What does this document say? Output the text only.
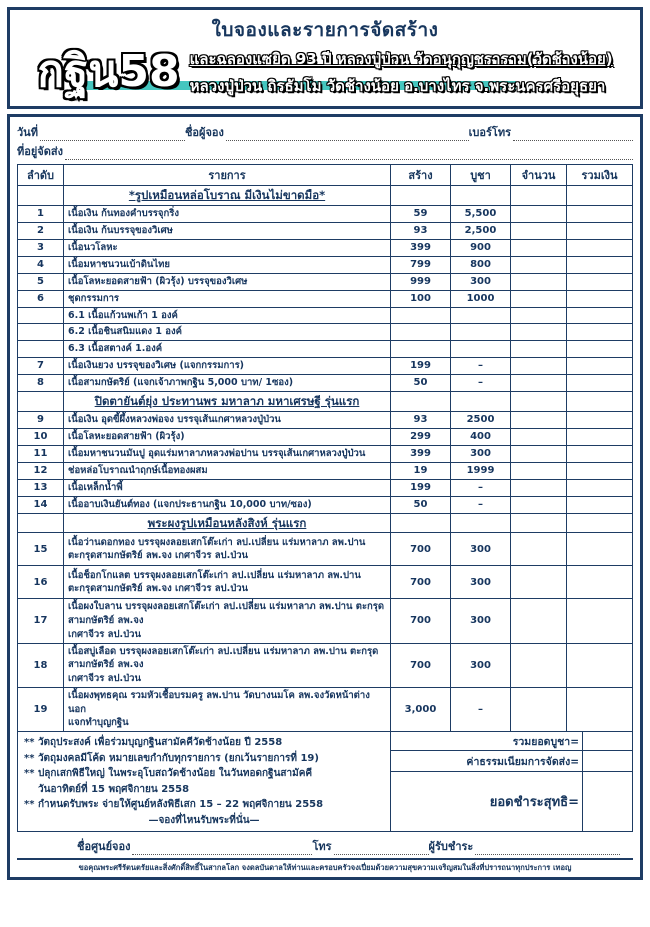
ใบจองและรายการจัดสร้าง
กฐิน58 และฉลองแซยิด 93 ปี หลวงปู่ป่วน วัดอนุกุญชราราม(วัดช้างน้อย)
หลวงปู่ป่วน ถิรธัมโม วัดช้างน้อย อ.บางไทร จ.พระนครศรีอยุธยา
วันที่	ชื่อผู้จอง	เบอร์โทร
ที่อยู่จัดส่ง
ลำดับ	รายการ	สร้าง	บูชา	จำนวน	รวมเงิน

	*รูปเหมือนหล่อโบราณ มีเงินไม่ขาดมือ*				

1	เนื้อเงิน ก้นทองคำบรรจุกริ่ง	59	5,500		
2	เนื้อเงิน ก้นบรรจุของวิเศษ	93	2,500		
3	เนื้อนวโลหะ	399	900		
4	เนื้อมหาชนวนเบ้าดินไทย	799	800		
5	เนื้อโลหะยอดสายฟ้า (ผิวรุ้ง) บรรจุของวิเศษ	999	300		
6	ชุดกรรมการ	100	1000		

	6.1 เนื้อแก้วนพเก้า 1 องค์				

	6.2 เนื้อชินสนิมแดง 1 องค์				

	6.3 เนื้อสตางค์ 1.องค์				

7	เนื้อเงินยวง บรรจุของวิเศษ (แจกกรรมการ)	199	–		
8	เนื้อสามกษัตริย์ (แจกเจ้าภาพกฐิน 5,000 บาท/ 1ซอง)	50	–		

	ปิดตายันต์ยุ่ง ประทานพร มหาลาภ มหาเศรษฐี รุ่นแรก				

9	เนื้อเงิน อุดขี้ผึ้งหลวงพ่อจง บรรจุเส้นเกศาหลวงปู่ป่วน	93	2500		
10	เนื้อโลหะยอดสายฟ้า (ผิวรุ้ง)	299	400		
11	เนื้อมหาชนวนมันปู อุดแร่มหาลาภหลวงพ่อปาน บรรจุเส้นเกศาหลวงปู่ป่วน	399	300		
12	ช่อหล่อโบราณนำฤกษ์เนื้อทองผสม	19	1999		
13	เนื้อเหล็กน้ำพี้	199	–		
14	เนื้ออาบเงินยันต์ทอง (แจกประธานกฐิน 10,000 บาท/ซอง)	50	–		

	พระผงรูปเหมือนหลังสิงห์ รุ่นแรก				

15	เนื้อว่านดอกทอง บรรจุผงลอยเสกโต๊ะเก่า ลป.เปลี่ยน แร่มหาลาภ ลพ.ปาน
ตะกรุดสามกษัตริย์ ลพ.จง เกศาจีวร ลป.ป่วน	700	300		
16	เนื้อช็อกโกแลต บรรจุผงลอยเสกโต๊ะเก่า ลป.เปลี่ยน แร่มหาลาภ ลพ.ปาน
ตะกรุดสามกษัตริย์ ลพ.จง เกศาจีวร ลป.ป่วน	700	300		
17	เนื้อผงใบลาน บรรจุผงลอยเสกโต๊ะเก่า ลป.เปลี่ยน แร่มหาลาภ ลพ.ปาน ตะกรุดสามกษัตริย์ ลพ.จง
เกศาจีวร ลป.ป่วน	700	300		
18	เนื้อสบู่เลือด บรรจุผงลอยเสกโต๊ะเก่า ลป.เปลี่ยน แร่มหาลาภ ลพ.ปาน ตะกรุดสามกษัตริย์ ลพ.จง
เกศาจีวร ลป.ป่วน	700	300		
19	เนื้อผงพุทธคุณ รวมหัวเชื้อบรมครู ลพ.ปาน วัดบางนมโค ลพ.จงวัดหน้าต่างนอก
แจกทำบุญกฐิน	3,000	–		
** วัตถุประสงค์ เพื่อร่วมบุญกฐินสามัคคีวัดช้างน้อย ปี 2558
** วัตถุมงคลมีโค้ด หมายเลขกำกับทุกรายการ (ยกเว้นรายการที่ 19)
** ปลุกเสกพิธีใหญ่ ในพระอุโบสถวัดช้างน้อย ในวันทอดกฐินสามัคคี
วันอาทิตย์ที่ 15 พฤศจิกายน 2558
** กำหนดรับพระ จ่ายให้ศูนย์หลังพิธีเสก 15 – 22 พฤศจิกายน 2558
—จองที่ไหนรับพระที่นั่น—
รวมยอดบูชา=
ค่าธรรมเนียมการจัดส่ง=
ยอดชำระสุทธิ=
ชื่อศูนย์จอง	โทร	ผู้รับชำระ
ขอคุณพระศรีรัตนตรัยและสิ่งศักดิ์สิทธิ์ในสากลโลก จงดลบันดาลให้ท่านและครอบครัวจงเปี่ยมด้วยความสุขความเจริญสมในสิ่งที่ปรารถนาทุกประการ เทอญ
